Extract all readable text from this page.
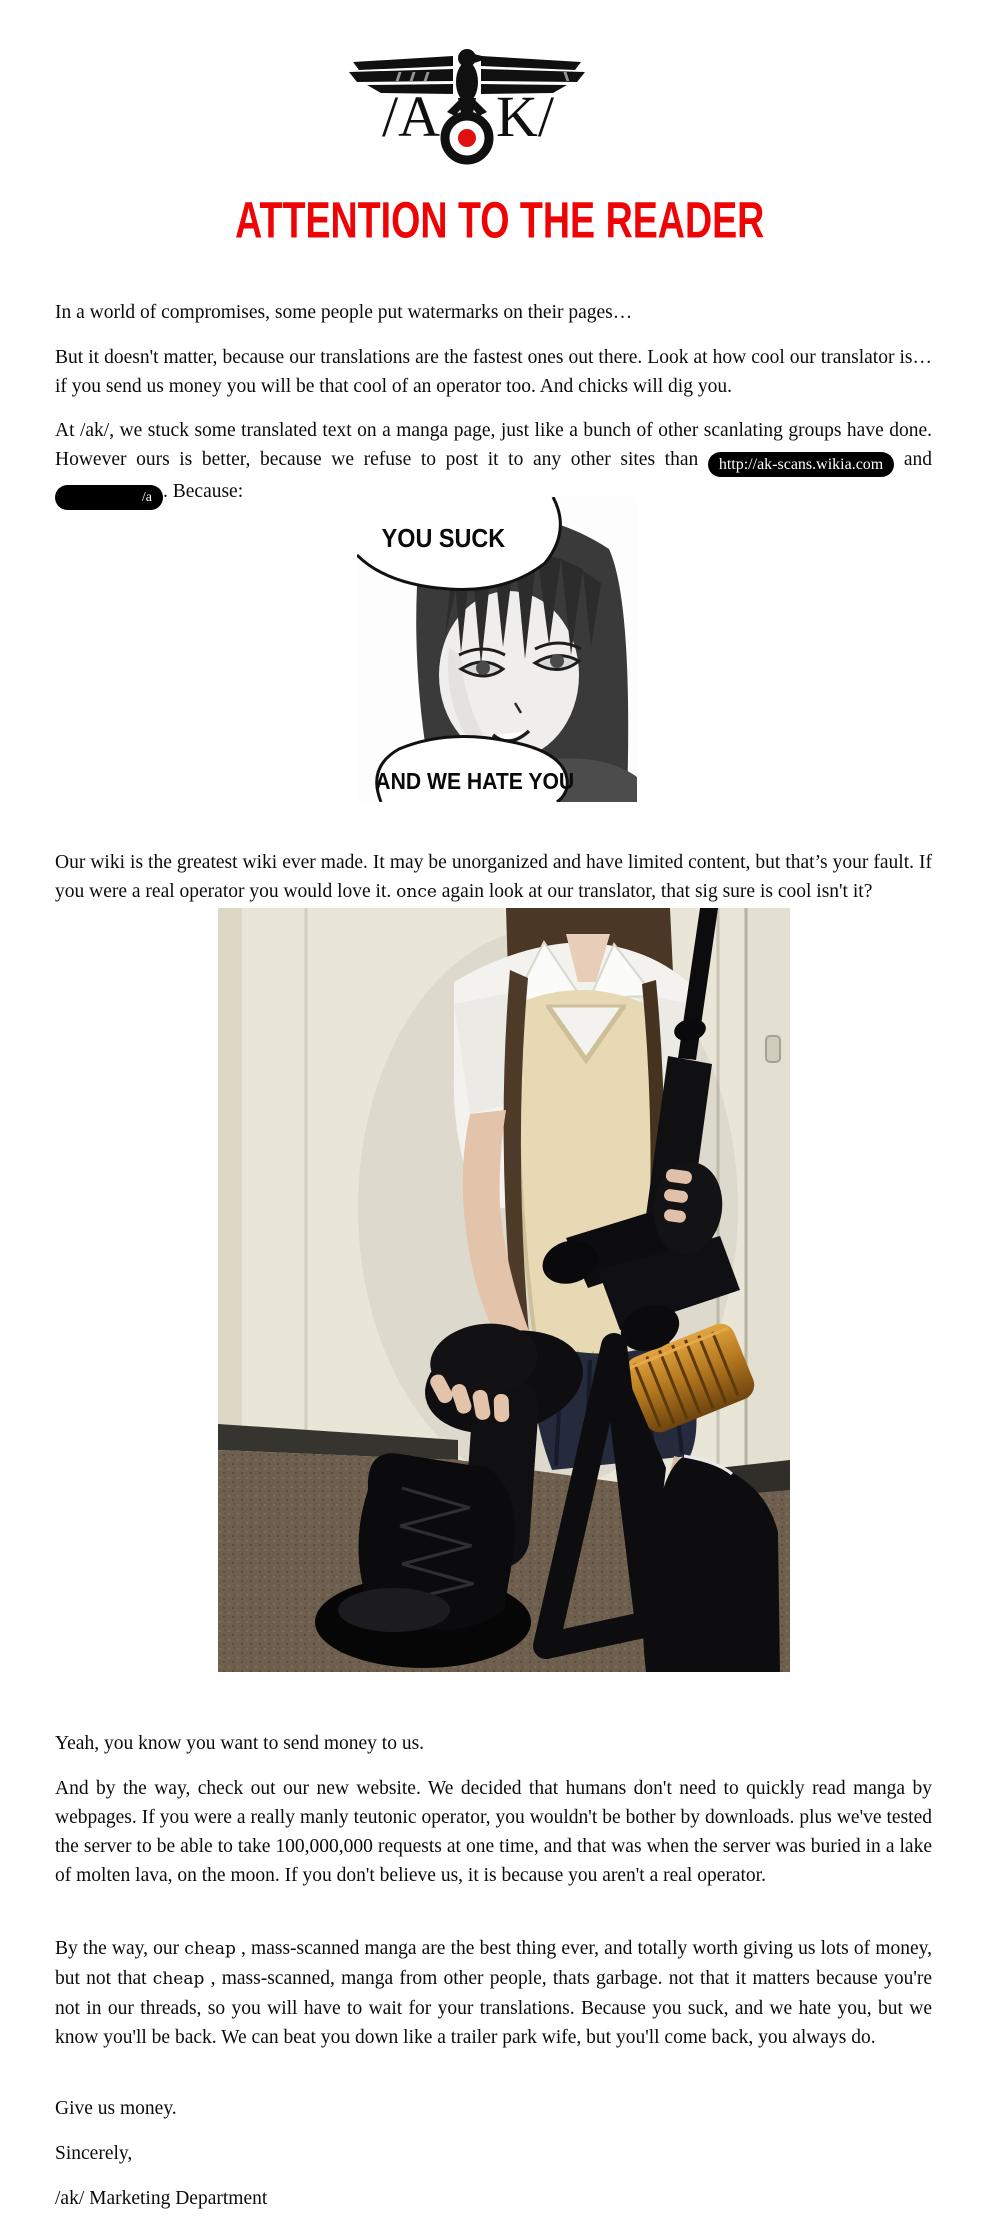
/A K/
ATTENTION TO THE READER

In a world of compromises, some people put watermarks on their pages…

But it doesn't matter, because our translations are the fastest ones out there. Look at how cool our translator is… if you send us money you will be that cool of an operator too. And chicks will dig you.

At /ak/, we stuck some translated text on a manga page, just like a bunch of other scanlating groups have done. However ours is better, because we refuse to post it to any other sites than http://ak-scans.wikia.com and /a . Because:

YOU SUCK
AND WE HATE YOU

Our wiki is the greatest wiki ever made. It may be unorganized and have limited content, but that’s your fault. If you were a real operator you would love it. once again look at our translator, that sig sure is cool isn't it?

Yeah, you know you want to send money to us.

And by the way, check out our new website. We decided that humans don't need to quickly read manga by webpages. If you were a really manly teutonic operator, you wouldn't be bother by downloads. plus we've tested the server to be able to take 100,000,000 requests at one time, and that was when the server was buried in a lake of molten lava, on the moon. If you don't believe us, it is because you aren't a real operator.

By the way, our cheap , mass-scanned manga are the best thing ever, and totally worth giving us lots of money, but not that cheap , mass-scanned, manga from other people, thats garbage. not that it matters because you're not in our threads, so you will have to wait for your translations. Because you suck, and we hate you, but we know you'll be back. We can beat you down like a trailer park wife, but you'll come back, you always do.

Give us money.

Sincerely,

/ak/ Marketing Department
